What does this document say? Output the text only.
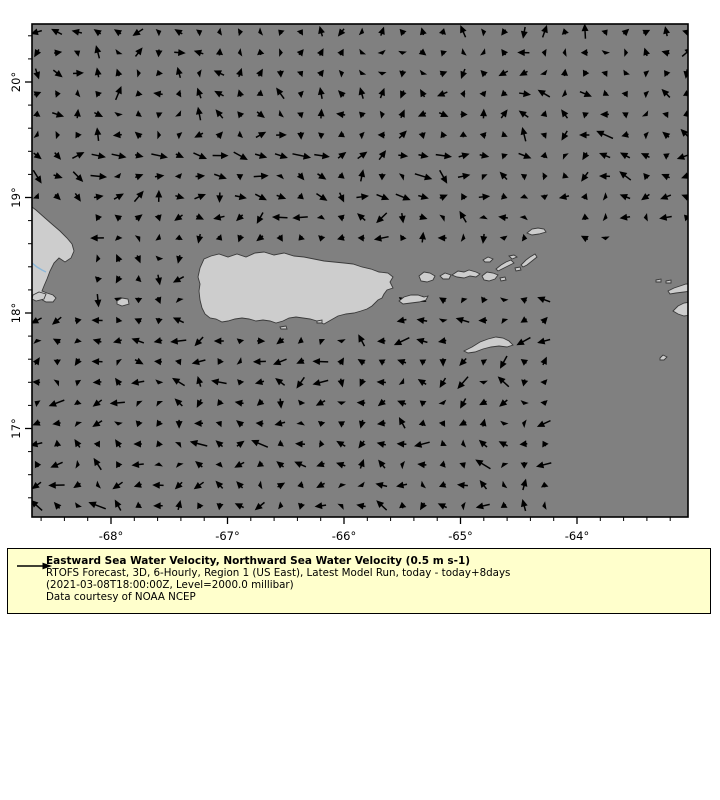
-68°	-67°	-66°	-65°	-64°
20°
19°
18°
17°
Eastward Sea Water Velocity, Northward Sea Water Velocity (0.5 m s-1)
RTOFS Forecast, 3D, 6-Hourly, Region 1 (US East), Latest Model Run, today - today+8days
(2021-03-08T18:00:00Z, Level=2000.0 millibar)
Data courtesy of NOAA NCEP
